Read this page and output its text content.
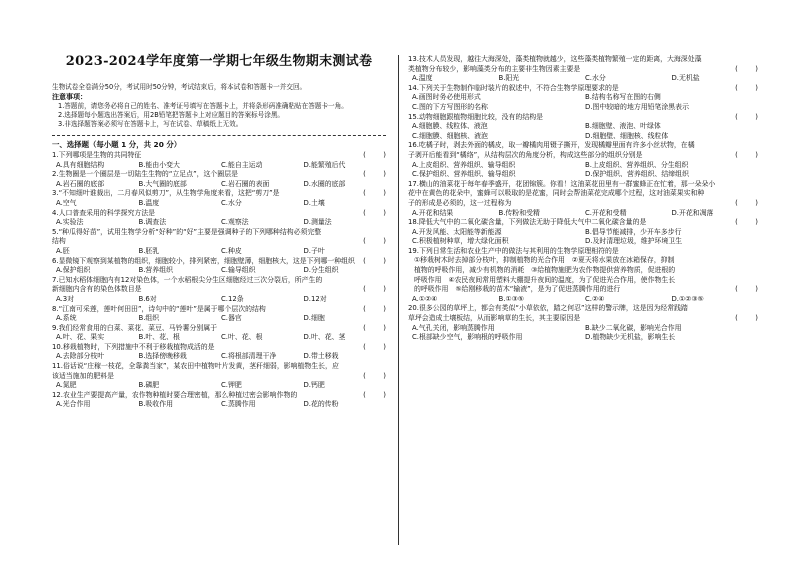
2023-2024学年度第一学期七年级生物期末测试卷
生物试卷全卷满分50分，考试用时50分钟，考试结束后，将本试卷和答题卡一并交回。
注意事项：
1.答题前，请您务必将自己的姓名、准考证号填写在答题卡上，并将条形码准确粘贴在答题卡一角。
2.选择题每小题选出答案后，用2B铅笔把答题卡上对应题目的答案标号涂黑。
3.非选择题答案必须写在答题卡上，写在试卷、草稿纸上无效。
一、选择题（每小题 1 分，共 20 分）
1.下列哪项是生物的共同特征	(        )
A.具有细胞结构	B.能由小变大	C.能自主运动	D.能繁殖后代
2.生物圈是一个圈层是一切陆生生物的“立足点”，这个圈层是	(        )
A.岩石圈的底部	B.大气圈的底部	C.岩石圈的表面	D.水圈的底部
3.“不知细叶谁裁出，二月春风似剪刀”，从生物学角度来看，这把“剪刀”是	(        )
A.空气	B.温度	C.水分	D.土壤
4.人口普查采用的科学探究方法是	(        )
A.实验法	B.调查法	C.观察法	D.测量法
5.“种瓜得好苗”，试用生物学分析“好种”的“好”主要是强调种子的下列哪种结构必须完整
结构	(        )
A.胚	B.胚乳	C.种皮	D.子叶
6.显微镜下观察到某植物的组织，细胞较小，排列紧密，细胞壁薄，细胞核大，这是下列哪一种组织 (        )
A.保护组织	B.营养组织	C.输导组织	D.分生组织
7.已知水稻体细胞内有12对染色体，一个水稻根尖分生区细胞经过三次分裂后，所产生的
新细胞内含有的染色体数目是	(        )
A.3对	B.6对	C.12条	D.12对
8.“江南可采莲，莲叶何田田”，诗句中的“莲叶”是属于哪个层次的结构	(        )
A.系统	B.组织	C.器官	D.细胞
9.我们经常食用的白菜、菜花、菜豆、马铃薯分别属于	(        )
A.叶、花、果实	B.叶、花、根	C.叶、花、根	D.叶、花、茎
10.移栽植物时，下列措施中不利于移栽植物成活的是	(        )
A.去除部分枝叶	B.选择傍晚移栽	C.将根部清理干净	D.带土移栽
11.俗话说“庄稼一枝花，全靠粪当家”，某农田中植物叶片发黄，茎秆细弱，影响植物生长，应
该适当施加的肥料是	(        )
A.氮肥	B.磷肥	C.钾肥	D.钙肥
12.农业生产要提高产量，农作物种植时要合理密植，那么种植过密会影响作物的	(        )
A.光合作用	B.吸收作用	C.蒸腾作用	D.花的传粉
13.技术人员发现，越往大海深处，藻类植物就越少，这些藻类植物繁殖一定的距离，大海深处藻
类植物分布较少，影响藻类分布的主要非生物因素主要是	(        )
A.温度	B.阳光	C.水分	D.无机盐
14.下列关于生物制作临时装片的叙述中，不符合生物学原理要求的是	(        )
A.画图时务必使用形式	B.结构名称写在图的右侧
C.图的下方写图形的名称	D.图中较暗的地方用铅笔涂黑表示
15.动物细胞跟植物细胞比较，没有的结构是	(        )
A.细胞膜、线粒体、液泡	B.细胞壁、液泡、叶绿体
C.细胞膜、细胞核、液泡	D.细胞壁、细胞核、线粒体
16.吃橘子时，剥去外面的橘皮，取一瓣橘肉用镊子撕开，发现橘瓣里面有许多小丝状物，在橘
子剥开后能看到“橘络”，从结构层次的角度分析，构成这些部分的组织分别是	(        )
A.上皮组织、营养组织、输导组织	B.上皮组织、营养组织、分生组织
C.保护组织、营养组织、输导组织	D.保护组织、营养组织、结缔组织
17.横山的油菜花于每年春季盛开，花团锦簇。你看！这油菜花田里有一群蜜蜂正在忙着，那一朵朵小
花中在黄色的花朵中，蜜蜂可以吸取的是花蜜，同时会帮油菜花完成哪个过程，这对油菜果实和种
子的形成是必须的，这一过程称为	(        )
A.开花和结果	B.传粉和受精	C.开花和受精	D.开花和凋落
18.降低大气中的二氧化碳含量，下列做法无助于降低大气中二氧化碳含量的是	(        )
A.开发风能、太阳能等新能源	B.倡导节能减排，少开车多步行
C.积极植树种草，增大绿化面积	D.及时清理垃圾，维护环境卫生
19.下列日常生活和农业生产中的做法与其利用的生物学原理相符的是
①移栽树木时去掉部分枝叶，抑制植物的光合作用　②夏天将水果放在冰箱保存，抑制
植物的呼吸作用，减少有机物的消耗　③给植物施肥为农作物提供营养物质，促进根的
呼吸作用　④农民夜间常用塑料大棚提升夜间的温度，为了促进光合作用，使作物生长
的呼吸作用　⑤给刚移栽的苗木“输液”，是为了促进蒸腾作用的进行	(        )
A.①②④	B.①③⑤	C.②④	D.①②③⑤
20.很多公园的草坪上，都会有类似“小草依依，踏之何忍”这样的警示牌，这是因为经常践踏
草坪会造成土壤板结，从而影响草的生长，其主要原因是	(        )
A.气孔关闭，影响蒸腾作用	B.缺少二氧化碳，影响光合作用
C.根部缺少空气，影响根的呼吸作用	D.植物缺少无机盐，影响生长
